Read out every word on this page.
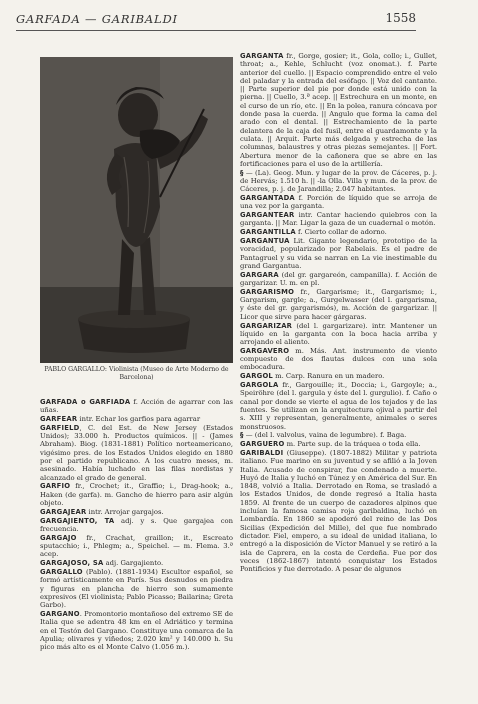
GARFADA — GARIBALDI	1558
PABLO GARGALLO: Violinista (Museo de Arte Moderno de Barcelona)

GARFADA o GARFIADA f. Acción de agarrar con las uñas.

GARFEAR intr. Echar los garfios para agarrar

GARFIELD, C. del Est. de New Jersey (Estados Unidos); 33.000 h. Productos químicos. || - (James Abraham). Biog. (1831-1881) Político norteamericano, vigésimo pres. de los Estados Unidos elegido en 1880 por el partido republicano. A los cuatro meses, m. asesinado. Había luchado en las filas nordistas y alcanzado el grado de general.

GARFIO fr., Crochet; it., Graffio; i., Drag-hook; a., Haken (de garfa). m. Gancho de hierro para asir algún objeto.

GARGAJEAR intr. Arrojar gargajos.

GARGAJIENTO, TA adj. y s. Que gargajea con frecuencia.

GARGAJO fr., Crachat, graillon; it., Escreato sputacchio; i., Phlegm; a., Speichel. — m. Flema. 3.ª acep.

GARGAJOSO, SA adj. Gargajiento.

GARGALLO (Pablo). (1881-1934) Escultor español, se formó artísticamente en París. Sus desnudos en piedra y figuras en plancha de hierro son sumamente expresivos (El violinista; Pablo Picasso; Bailarina; Greta Garbo).

GARGANO. Promontorio montañoso del extremo SE de Italia que se adentra 48 km en el Adriático y termina en el Testón del Gargano. Constituye una comarca de la Apulia; olivares y viñedos; 2.020 km² y 140.000 h. Su pico más alto es el Monte Calvo (1.056 m.).

GARGANTA fr., Gorge, gosier; it., Gola, collo; i., Gullet, throat; a., Kehle, Schlucht (voz onomat.). f. Parte anterior del cuello. || Espacio comprendido entre el velo del paladar y la entrada del esófago. || Voz del cantante. || Parte superior del pie por donde está unido con la pierna. || Cuello, 3.ª acep. || Estrechura en un monte, en el curso de un río, etc. || En la polea, ranura cóncava por donde pasa la cuerda. || Angulo que forma la cama del arado con el dental. || Estrechamiento de la parte delantera de la caja del fusil, entre el guardamonte y la culata. || Arquit. Parte más delgada y estrecha de las columnas, balaustres y otras piezas semejantes. || Fort. Abertura menor de la cañonera que se abre en las fortificaciones para el uso de la artillería.

§ — (La). Geog. Mun. y lugar de la prov. de Cáceres, p. j. de Hervás; 1.510 h. || -la Olla. Villa y mun. de la prov. de Cáceres, p. j. de Jarandilla; 2.047 habitantes.

GARGANTADA f. Porción de líquido que se arroja de una vez por la garganta.

GARGANTEAR intr. Cantar haciendo quiebros con la garganta. || Mar. Ligar la gaza de un cuadernal o motón.

GARGANTILLA f. Cierto collar de adorno.

GARGANTUA Lit. Gigante legendario, prototipo de la voracidad, popularizado por Rabelais. Es el padre de Pantagruel y su vida se narran en La vie inestimable du grand Gargantua.

GARGARA (del gr. gargareón, campanilla). f. Acción de gargarizar. U. m. en pl.

GARGARISMO fr., Gargarisme; it., Gargarismo; i., Gargarism, gargle; a., Gurgelwasser (del l. gargarisma, y éste del gr. gargarismós), m. Acción de gargarizar. || Licor que sirve para hacer gárgaras.

GARGARIZAR (del l. gargarizare). intr. Mantener un líquido en la garganta con la boca hacia arriba y arrojando el aliento.

GARGAVERO m. Más. Ant. instrumento de viento compuesto de dos flautas dulces con una sola embocadura.

GARGOL m. Carp. Ranura en un madero.

GARGOLA fr., Gargouille; it., Doccia; i., Gargoyle; a., Speiröhre (del l. gargula y éste del l. gurgulio). f. Caño o canal por donde se vierte el agua de los tejados y de las fuentes. Se utilizan en la arquitectura ojival a partir del s. XIII y representan, generalmente, animales o seres monstruosos.

§ — (del l. valvolus, vaina de legumbre). f. Baga.

GARGUERO m. Parte sup. de la tráquea o toda ella.

GARIBALDI (Giuseppe). (1807-1882) Militar y patriota italiano. Fue marino en su juventud y se afilió a la Joven Italia. Acusado de conspirar, fue condenado a muerte. Huyó de Italia y luchó en Túnez y en América del Sur. En 1848, volvió a Italia. Derrotado en Roma, se trasladó a los Estados Unidos, de donde regresó a Italia hasta 1859. Al frente de un cuerpo de cazadores alpinos que incluían la famosa camisa roja garibaldina, luchó en Lombardía. En 1860 se apoderó del reino de las Dos Sicilias (Expedición del Mille), del que fue nombrado dictador. Fiel, empero, a su ideal de unidad italiana, lo entregó a la disposición de Víctor Manuel y se retiró a la isla de Caprera, en la costa de Cerdeña. Fue por dos veces (1862-1867) intentó conquistar los Estados Pontificios y fue derrotado. A pesar de algunos
